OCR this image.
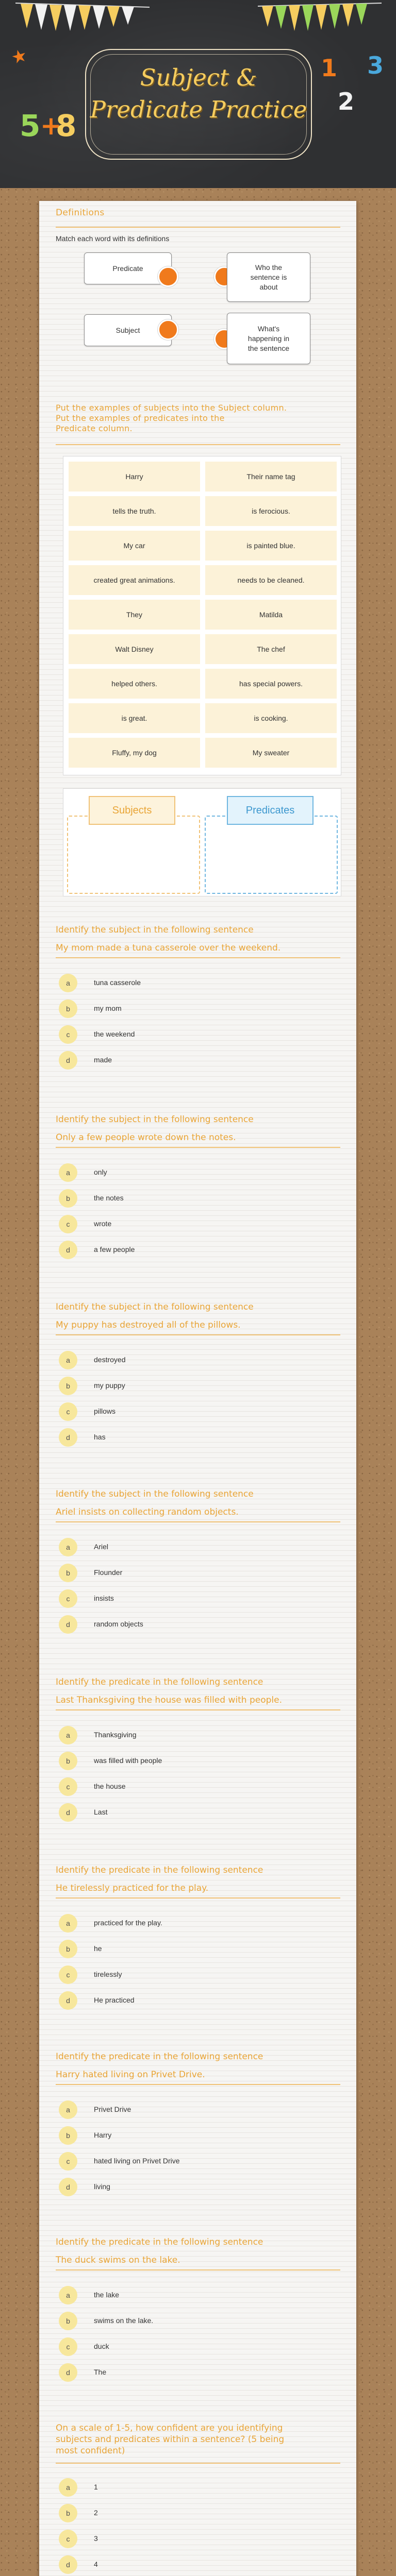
★
5 +
8
1 3
2
Subject &
Predicate Practice
Definitions
Match each word with its definitions
Predicate	Who the
sentence is
about
Subject	What's
happening in
the sentence
Put the examples of subjects into the Subject column.
Put the examples of predicates into the
Predicate column.
Harry	Their name tag
tells the truth.	is ferocious.
My car	is painted blue.
created great animations.	needs to be cleaned.
They	Matilda
Walt Disney	The chef
helped others.	has special powers.
is great.	is cooking.
Fluffy, my dog	My sweater
Subjects	Predicates
Identify the subject in the following sentence
My mom made a tuna casserole over the weekend.
a	tuna casserole
b	my mom
c	the weekend
d	made
Identify the subject in the following sentence
Only a few people wrote down the notes.
a	only
b	the notes
c	wrote
d	a few people
Identify the subject in the following sentence
My puppy has destroyed all of the pillows.
a	destroyed
b	my puppy
c	pillows
d	has
Identify the subject in the following sentence
Ariel insists on collecting random objects.
a	Ariel
b	Flounder
c	insists
d	random objects
Identify the predicate in the following sentence
Last Thanksgiving the house was filled with people.
a	Thanksgiving
b	was filled with people
c	the house
d	Last
Identify the predicate in the following sentence
He tirelessly practiced for the play.
a	practiced for the play.
b	he
c	tirelessly
d	He practiced
Identify the predicate in the following sentence
Harry hated living on Privet Drive.
a	Privet Drive
b	Harry
c	hated living on Privet Drive
d	living
Identify the predicate in the following sentence
The duck swims on the lake.
a	the lake
b	swims on the lake.
c	duck
d	The
On a scale of 1-5, how confident are you identifying
subjects and predicates within a sentence? (5 being
most confident)
a	1
b	2
c	3
d	4
